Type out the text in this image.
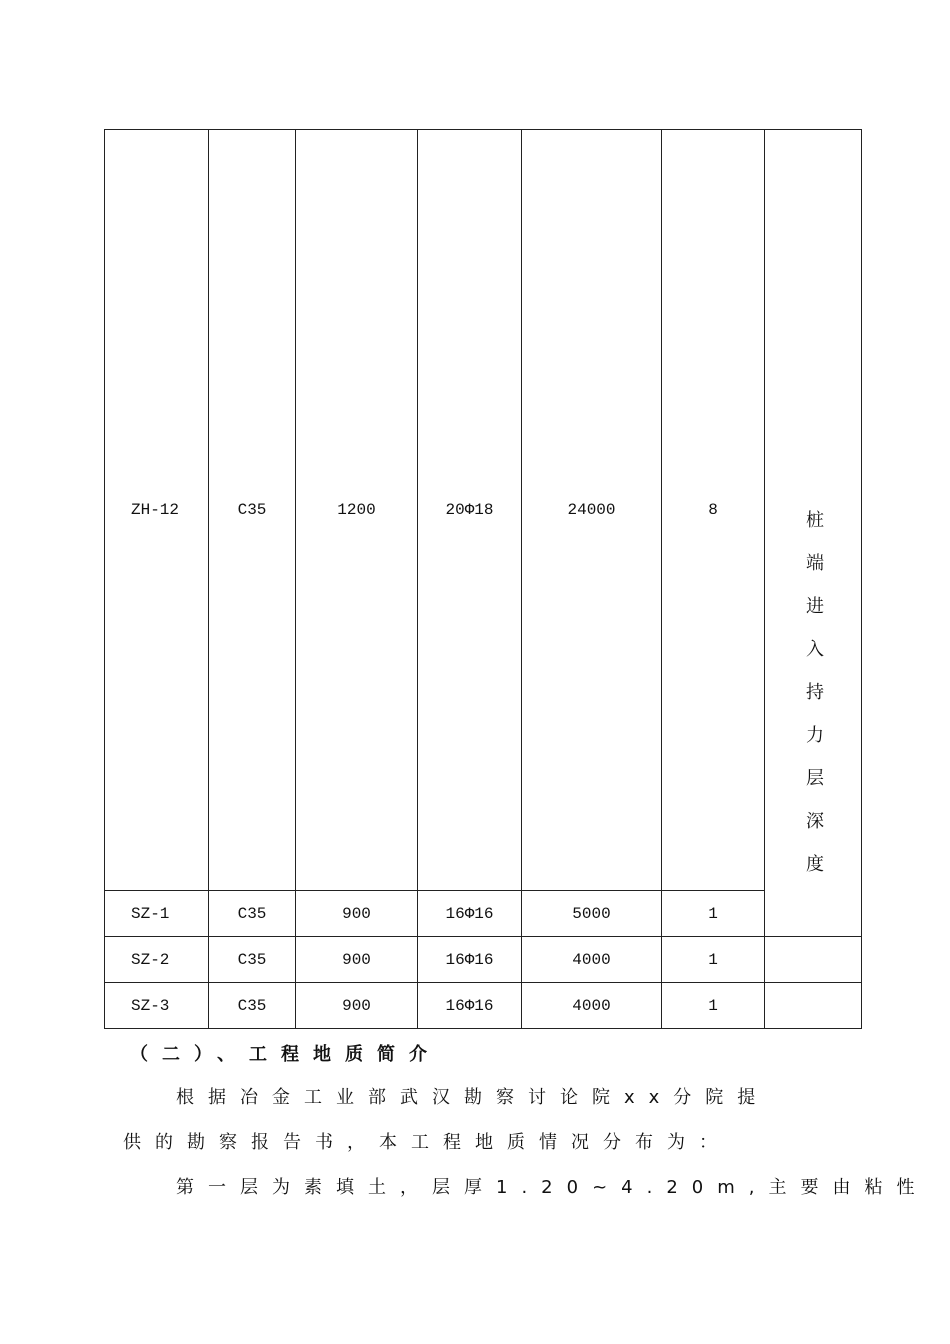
ZH-12	C35	1200	20Φ18	24000	8	桩端进入持力层深度

SZ-1	C35	900	16Φ16	5000	1	
SZ-2	C35	900	16Φ16	4000	1	
SZ-3	C35	900	16Φ16	4000	1	
（二）、工程地质简介
根据冶金工业部武汉勘察讨论院xx分院提
供的勘察报告书，本工程地质情况分布为：
第一层为素填土，层厚1.20~4.20m,主要由粘性
